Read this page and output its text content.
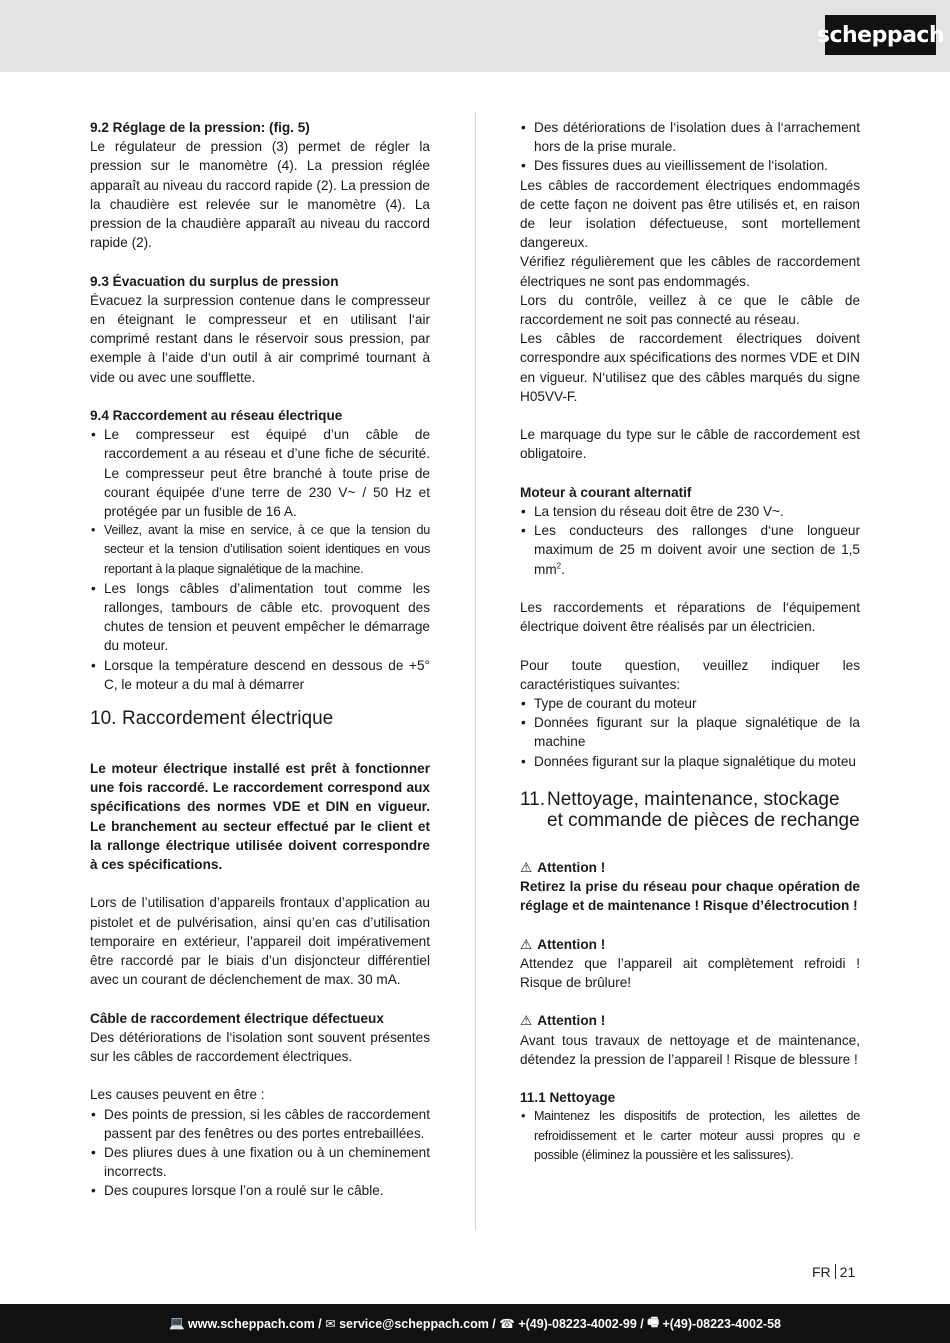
scheppach

9.2 Réglage de la pression: (fig. 5)

Le régulateur de pression (3) permet de régler la pression sur le manomètre (4). La pression réglée apparaît au niveau du raccord rapide (2). La pression de la chaudière est relevée sur le manomètre (4). La pression de la chaudière apparaît au niveau du raccord rapide (2).

9.3 Évacuation du surplus de pression

Évacuez la surpression contenue dans le compresseur en éteignant le compresseur et en utilisant l‘air comprimé restant dans le réservoir sous pression, par exemple à l‘aide d‘un outil à air comprimé tournant à vide ou avec une soufflette.

9.4 Raccordement au réseau électrique

• Le compresseur est équipé d’un câble de raccordement a au réseau et d’une fiche de sécurité. Le compresseur peut être branché à toute prise de courant équipée d’une terre de 230 V~ / 50 Hz et protégée par un fusible de 16 A.
• Veillez, avant la mise en service, à ce que la tension du secteur et la tension d’utilisation soient identiques en vous reportant à la plaque signalétique de la machine.
• Les longs câbles d’alimentation tout comme les rallonges, tambours de câble etc. provoquent des chutes de tension et peuvent empêcher le démarrage du moteur.
• Lorsque la température descend en dessous de +5° C, le moteur a du mal à démarrer
10. Raccordement électrique

Le moteur électrique installé est prêt à fonctionner une fois raccordé. Le raccordement correspond aux spécifications des normes VDE et DIN en vigueur. Le branchement au secteur effectué par le client et la rallonge électrique utilisée doivent correspondre à ces spécifications.

Lors de l’utilisation d’appareils frontaux d’application au pistolet et de pulvérisation, ainsi qu’en cas d’utilisation temporaire en extérieur, l’appareil doit impérativement être raccordé par le biais d’un disjoncteur différentiel avec un courant de déclenchement de max. 30 mA.

Câble de raccordement électrique défectueux

Des détériorations de l‘isolation sont souvent présentes sur les câbles de raccordement électriques.

Les causes peuvent en être :

• Des points de pression, si les câbles de raccordement passent par des fenêtres ou des portes entrebaillées.
• Des pliures dues à une fixation ou à un cheminement incorrects.
• Des coupures lorsque l’on a roulé sur le câble.
• Des détériorations de l‘isolation dues à l‘arrachement hors de la prise murale.
• Des fissures dues au vieillissement de l‘isolation.

Les câbles de raccordement électriques endommagés de cette façon ne doivent pas être utilisés et, en raison de leur isolation défectueuse, sont mortellement dangereux.

Vérifiez régulièrement que les câbles de raccordement électriques ne sont pas endommagés.

Lors du contrôle, veillez à ce que le câble de raccordement ne soit pas connecté au réseau.

Les câbles de raccordement électriques doivent correspondre aux spécifications des normes VDE et DIN en vigueur. N‘utilisez que des câbles marqués du signe H05VV-F.

Le marquage du type sur le câble de raccordement est obligatoire.

Moteur à courant alternatif

• La tension du réseau doit être de 230 V~.
• Les conducteurs des rallonges d‘une longueur maximum de 25 m doivent avoir une section de 1,5 $mm^2$.

Les raccordements et réparations de l‘équipement électrique doivent être réalisés par un électricien.

Pour toute question, veuillez indiquer les caractéristiques suivantes:

• Type de courant du moteur
• Données figurant sur la plaque signalétique de la machine
• Données figurant sur la plaque signalétique du moteu
11. Nettoyage, maintenance, stockage et commande de pièces de rechange

⚠ Attention !

Retirez la prise du réseau pour chaque opération de réglage et de maintenance ! Risque d’électrocution !

⚠ Attention !

Attendez que l’appareil ait complètement refroidi ! Risque de brûlure!

⚠ Attention !

Avant tous travaux de nettoyage et de maintenance, détendez la pression de l’appareil ! Risque de blessure !

11.1 Nettoyage

• Maintenez les dispositifs de protection, les ailettes de refroidissement et le carter moteur aussi propres qu e possible (éliminez la poussière et les salissures).
FR 21
💻 www.scheppach.com / ✉ service@scheppach.com / ☎ +(49)-08223-4002-99 / 🖷 +(49)-08223-4002-58
